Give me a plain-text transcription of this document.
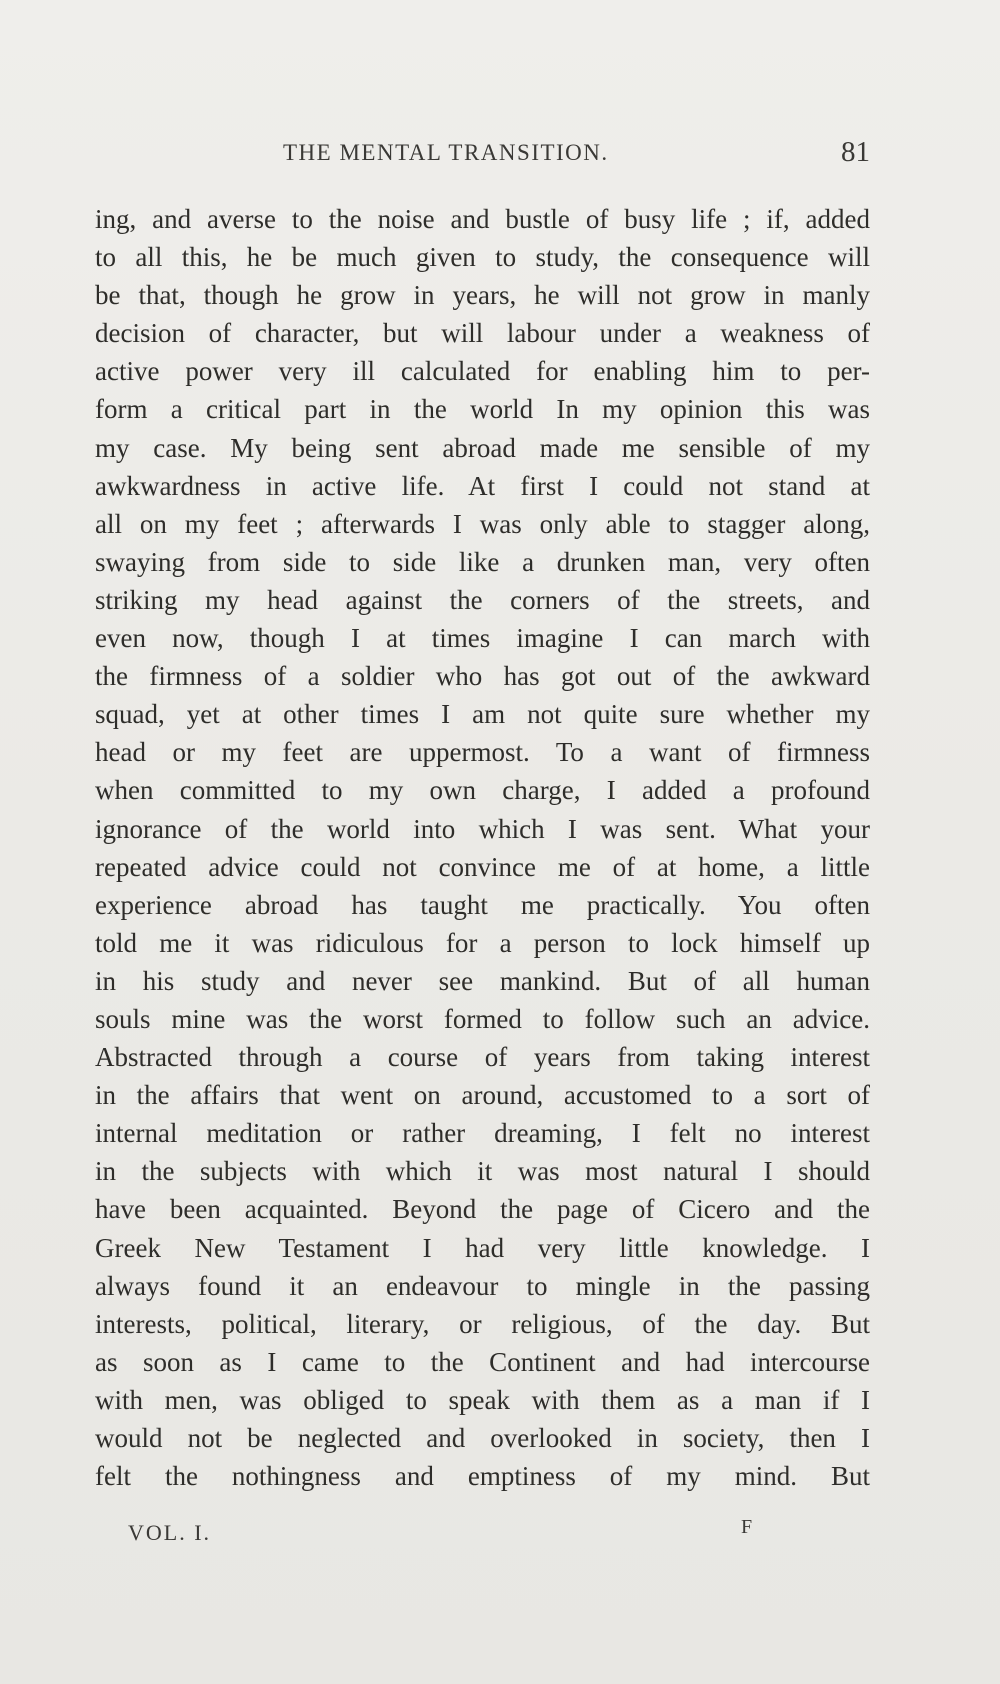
THE MENTAL TRANSITION.	81
ing, and averse to the noise and bustle of busy life ; if, added
to all this, he be much given to study, the consequence will
be that, though he grow in years, he will not grow in manly
decision of character, but will labour under a weakness of
active power very ill calculated for enabling him to per-
form a critical part in the world In my opinion this was
my case. My being sent abroad made me sensible of my
awkwardness in active life. At first I could not stand at
all on my feet ; afterwards I was only able to stagger along,
swaying from side to side like a drunken man, very often
striking my head against the corners of the streets, and
even now, though I at times imagine I can march with
the firmness of a soldier who has got out of the awkward
squad, yet at other times I am not quite sure whether my
head or my feet are uppermost. To a want of firmness
when committed to my own charge, I added a profound
ignorance of the world into which I was sent. What your
repeated advice could not convince me of at home, a little
experience abroad has taught me practically. You often
told me it was ridiculous for a person to lock himself up
in his study and never see mankind. But of all human
souls mine was the worst formed to follow such an advice.
Abstracted through a course of years from taking interest
in the affairs that went on around, accustomed to a sort of
internal meditation or rather dreaming, I felt no interest
in the subjects with which it was most natural I should
have been acquainted. Beyond the page of Cicero and the
Greek New Testament I had very little knowledge. I
always found it an endeavour to mingle in the passing
interests, political, literary, or religious, of the day. But
as soon as I came to the Continent and had intercourse
with men, was obliged to speak with them as a man if I
would not be neglected and overlooked in society, then I
felt the nothingness and emptiness of my mind. But
VOL. I.	F
